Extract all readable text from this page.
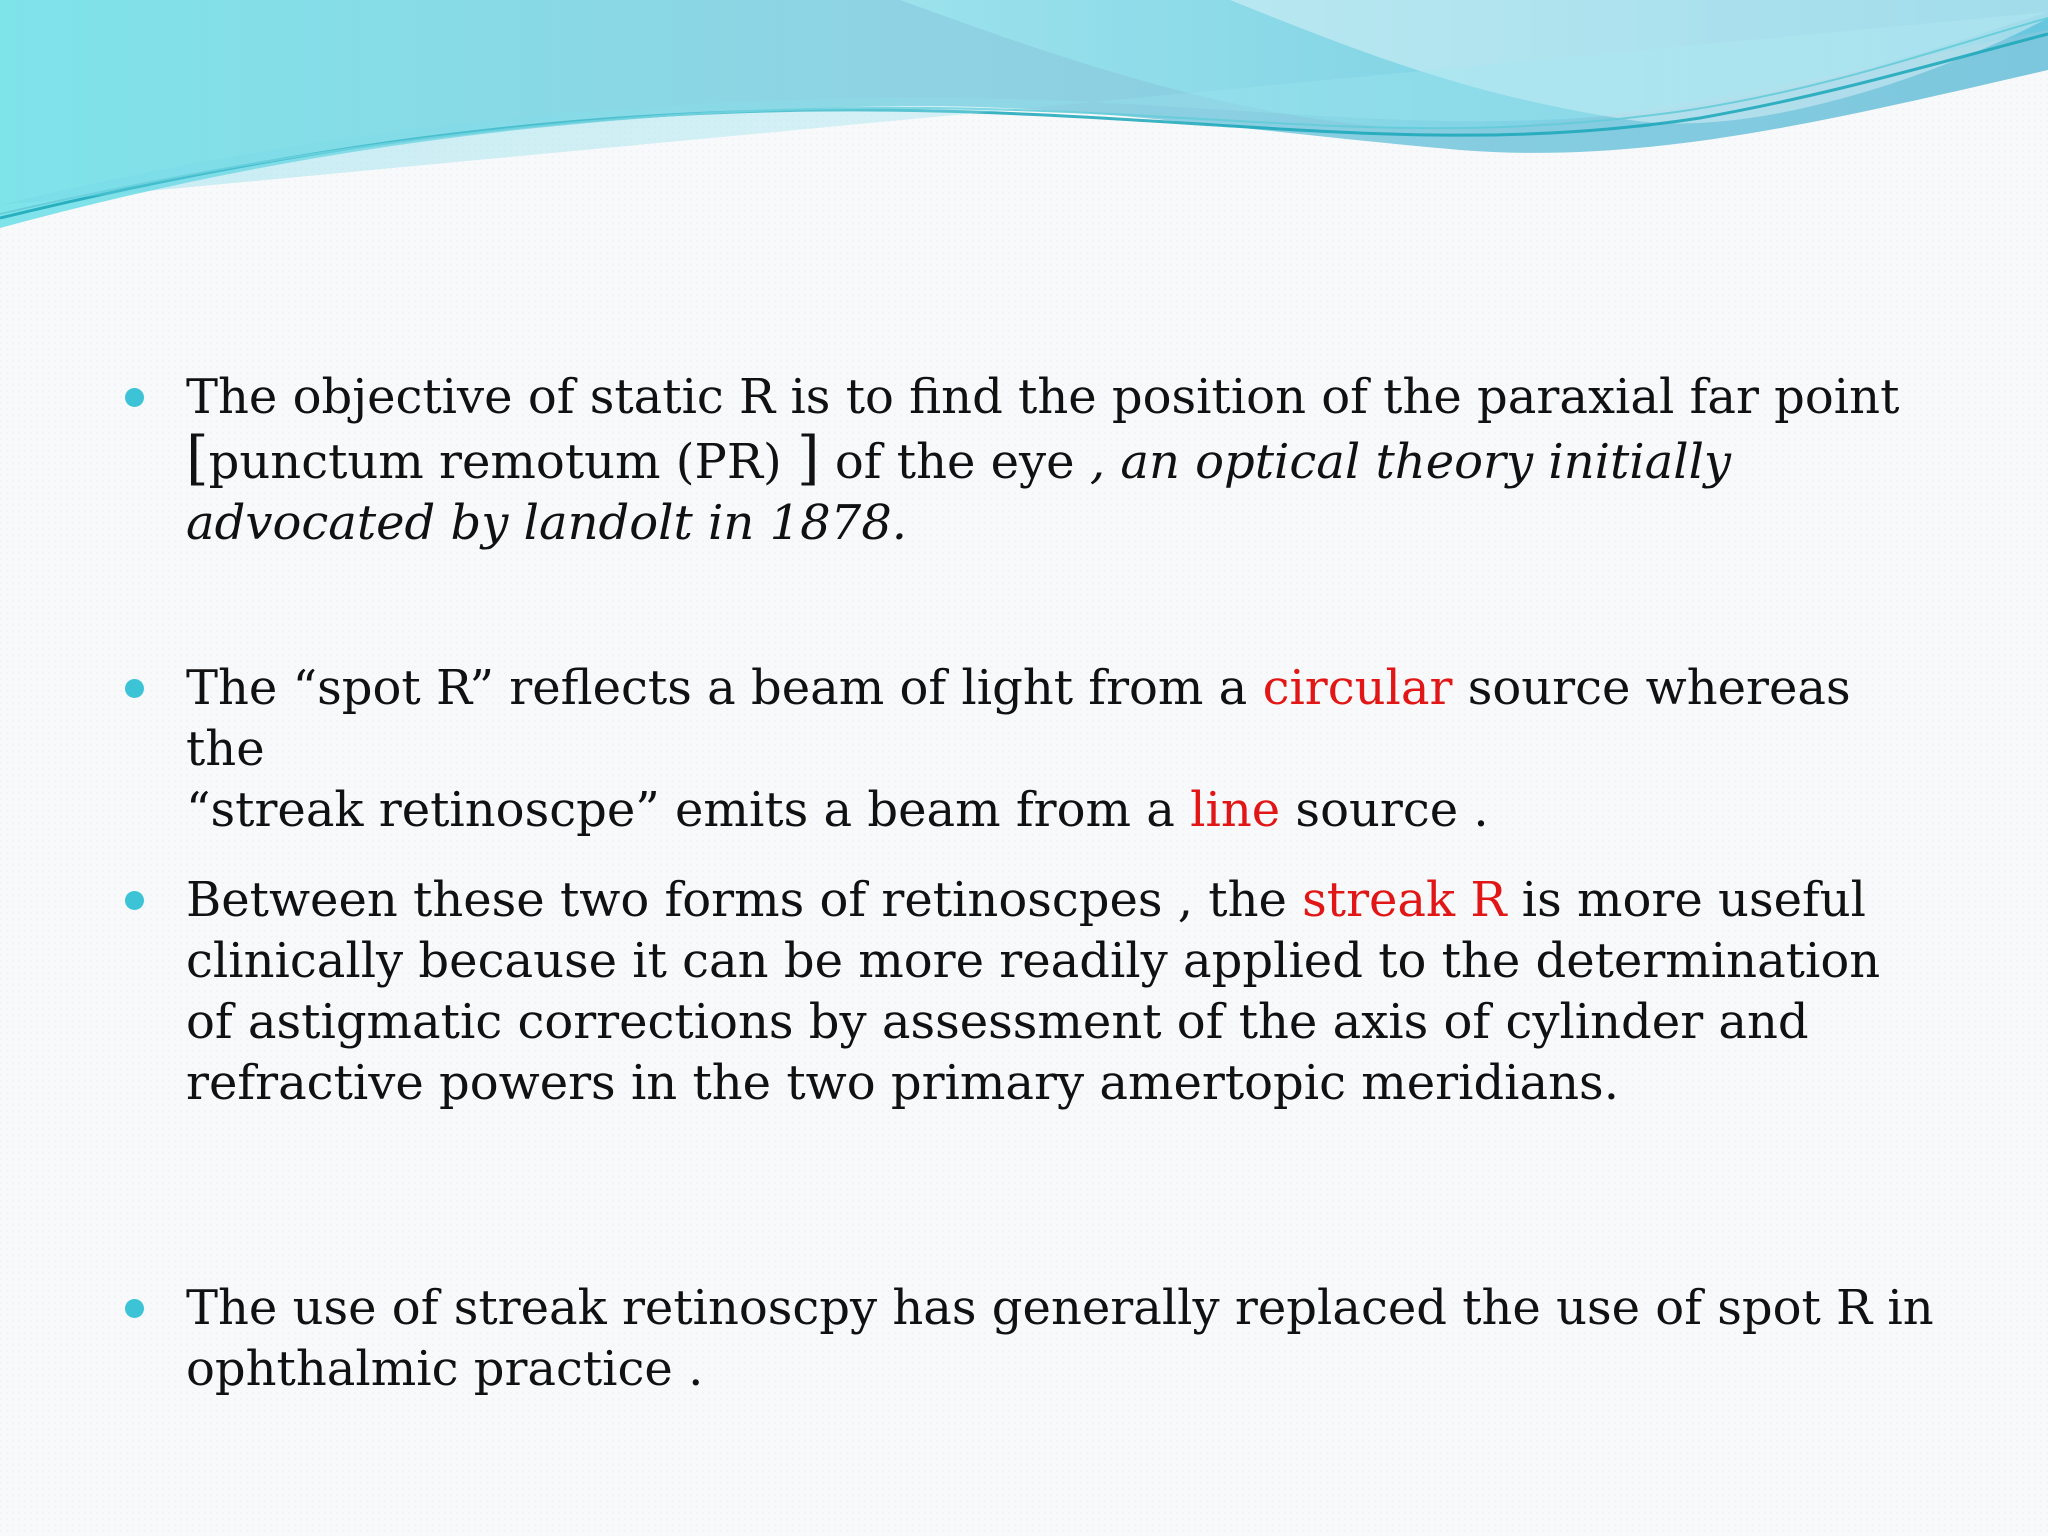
The objective of static R is to find the position of the paraxial far point
[punctum remotum (PR) ] of the eye , an optical theory initially
advocated by landolt in 1878.
The “spot R” reflects a beam of light from a circular source whereas the
“streak retinoscpe” emits a beam from a line source .
Between these two forms of retinoscpes , the streak R is more useful
clinically because it can be more readily applied to the determination
of astigmatic corrections by assessment of the axis of cylinder and
refractive powers in the two primary amertopic meridians.
The use of streak retinoscpy has generally replaced the use of spot R in
ophthalmic practice .
